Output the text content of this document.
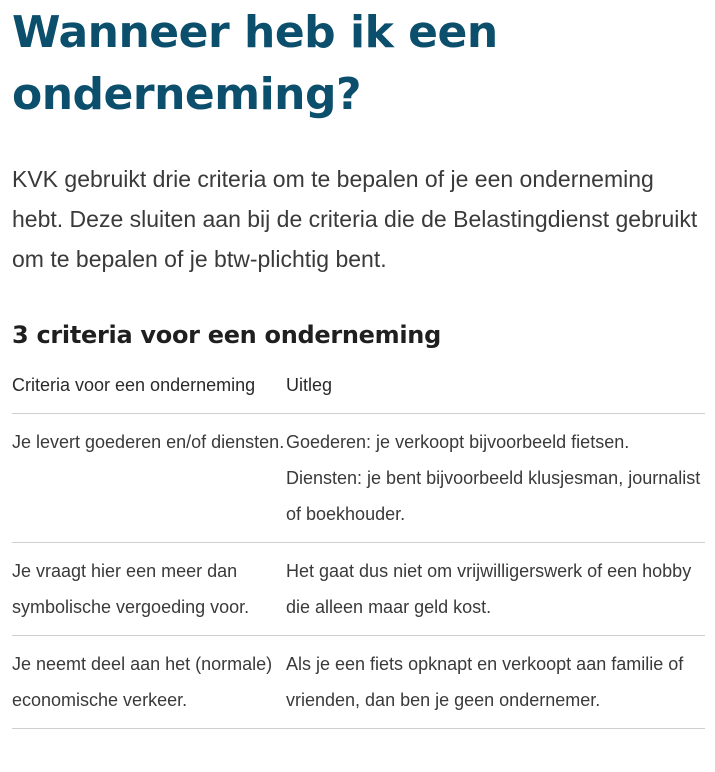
Wanneer heb ik een onderneming?

KVK gebruikt drie criteria om te bepalen of je een onderneming hebt. Deze sluiten aan bij de criteria die de Belastingdienst gebruikt om te bepalen of je btw-plichtig bent.

3 criteria voor een onderneming
Criteria voor een onderneming	Uitleg
Je levert goederen en/of diensten.	Goederen: je verkoopt bijvoorbeeld fietsen. Diensten: je bent bijvoorbeeld klusjesman, journalist of boekhouder.
Je vraagt hier een meer dan symbolische vergoeding voor.	Het gaat dus niet om vrijwilligerswerk of een hobby die alleen maar geld kost.
Je neemt deel aan het (normale) economische verkeer.	Als je een fiets opknapt en verkoopt aan familie of vrienden, dan ben je geen ondernemer.
